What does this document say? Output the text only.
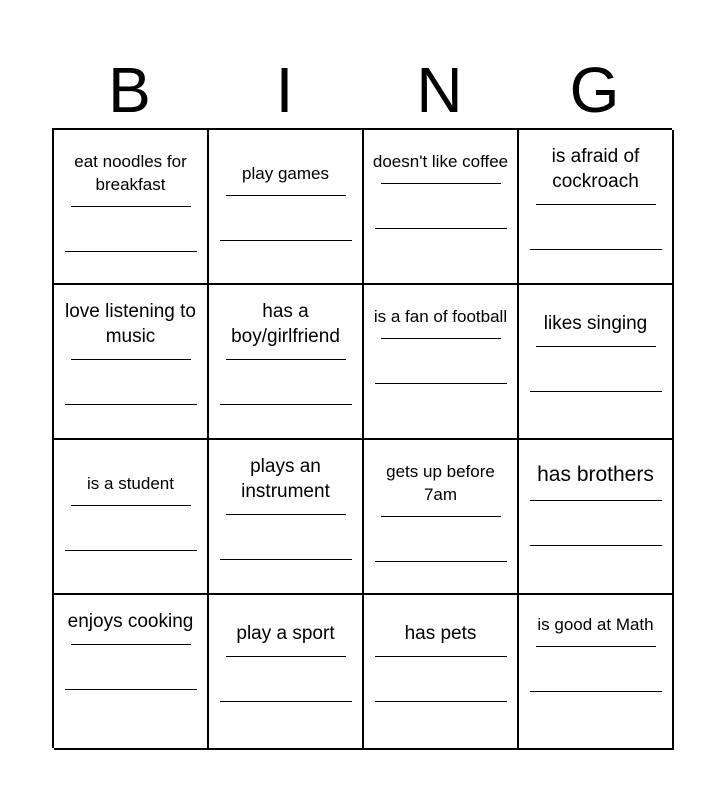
B	I	N	G
eat noodles for breakfast
play games
doesn't like coffee	is afraid of cockroach
love listening to music
has a boy/girlfriend
is a fan of football	likes singing
is a student
plays an instrument
gets up before 7am
has brothers
enjoys cooking
play a sport	has pets	is good at Math
